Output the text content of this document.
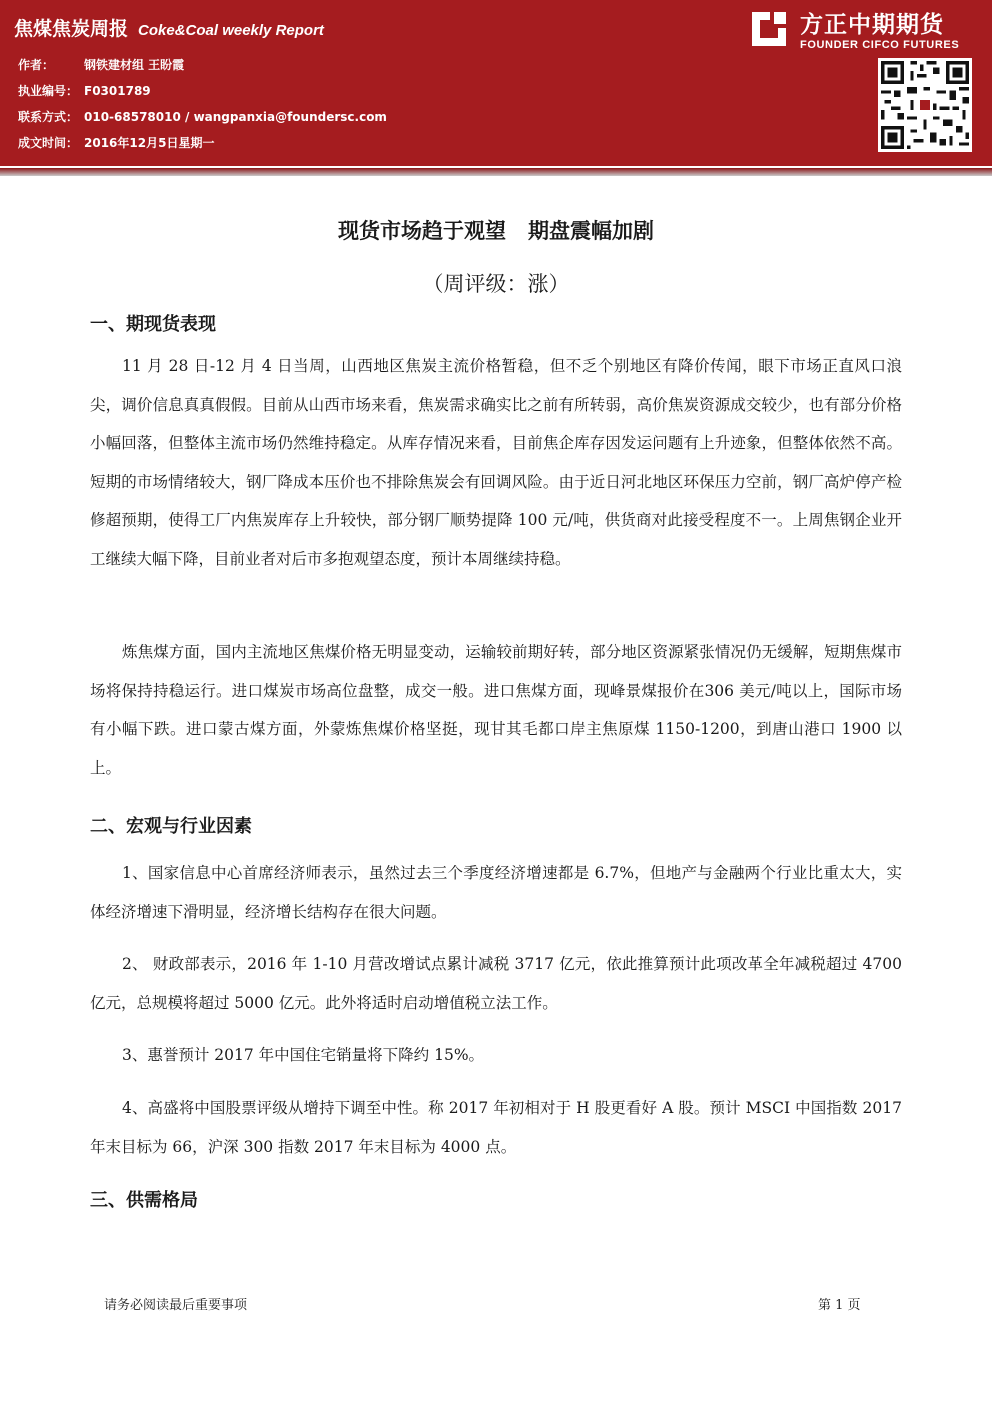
焦煤焦炭周报 Coke&Coal weekly Report
作者： 钢铁建材组 王盼霞
执业编号： F0301789
联系方式： 010-68578010 / wangpanxia@foundersc.com
成文时间： 2016年12月5日星期一
方正中期期货
FOUNDER CIFCO FUTURES
现货市场趋于观望   期盘震幅加剧
（周评级：涨）
一、期现货表现

11 月 28 日-12 月 4 日当周，山西地区焦炭主流价格暂稳，但不乏个别地区有降价传闻，眼下市场正直风口浪尖，调价信息真真假假。目前从山西市场来看，焦炭需求确实比之前有所转弱，高价焦炭资源成交较少，也有部分价格小幅回落，但整体主流市场仍然维持稳定。从库存情况来看，目前焦企库存因发运问题有上升迹象，但整体依然不高。短期的市场情绪较大，钢厂降成本压价也不排除焦炭会有回调风险。由于近日河北地区环保压力空前，钢厂高炉停产检修超预期，使得工厂内焦炭库存上升较快，部分钢厂顺势提降 100 元/吨，供货商对此接受程度不一。上周焦钢企业开工继续大幅下降，目前业者对后市多抱观望态度，预计本周继续持稳。

炼焦煤方面，国内主流地区焦煤价格无明显变动，运输较前期好转，部分地区资源紧张情况仍无缓解，短期焦煤市场将保持持稳运行。进口煤炭市场高位盘整，成交一般。进口焦煤方面，现峰景煤报价在306 美元/吨以上，国际市场有小幅下跌。进口蒙古煤方面，外蒙炼焦煤价格坚挺，现甘其毛都口岸主焦原煤 1150-1200，到唐山港口 1900 以上。

二、宏观与行业因素

1、国家信息中心首席经济师表示，虽然过去三个季度经济增速都是 6.7%，但地产与金融两个行业比重太大，实体经济增速下滑明显，经济增长结构存在很大问题。

2、 财政部表示，2016 年 1-10 月营改增试点累计减税 3717 亿元，依此推算预计此项改革全年减税超过 4700 亿元，总规模将超过 5000 亿元。此外将适时启动增值税立法工作。

3、惠誉预计 2017 年中国住宅销量将下降约 15%。

4、高盛将中国股票评级从增持下调至中性。称 2017 年初相对于 H 股更看好 A 股。预计 MSCI 中国指数 2017 年末目标为 66，沪深 300 指数 2017 年末目标为 4000 点。

三、供需格局
请务必阅读最后重要事项	第 1 页
